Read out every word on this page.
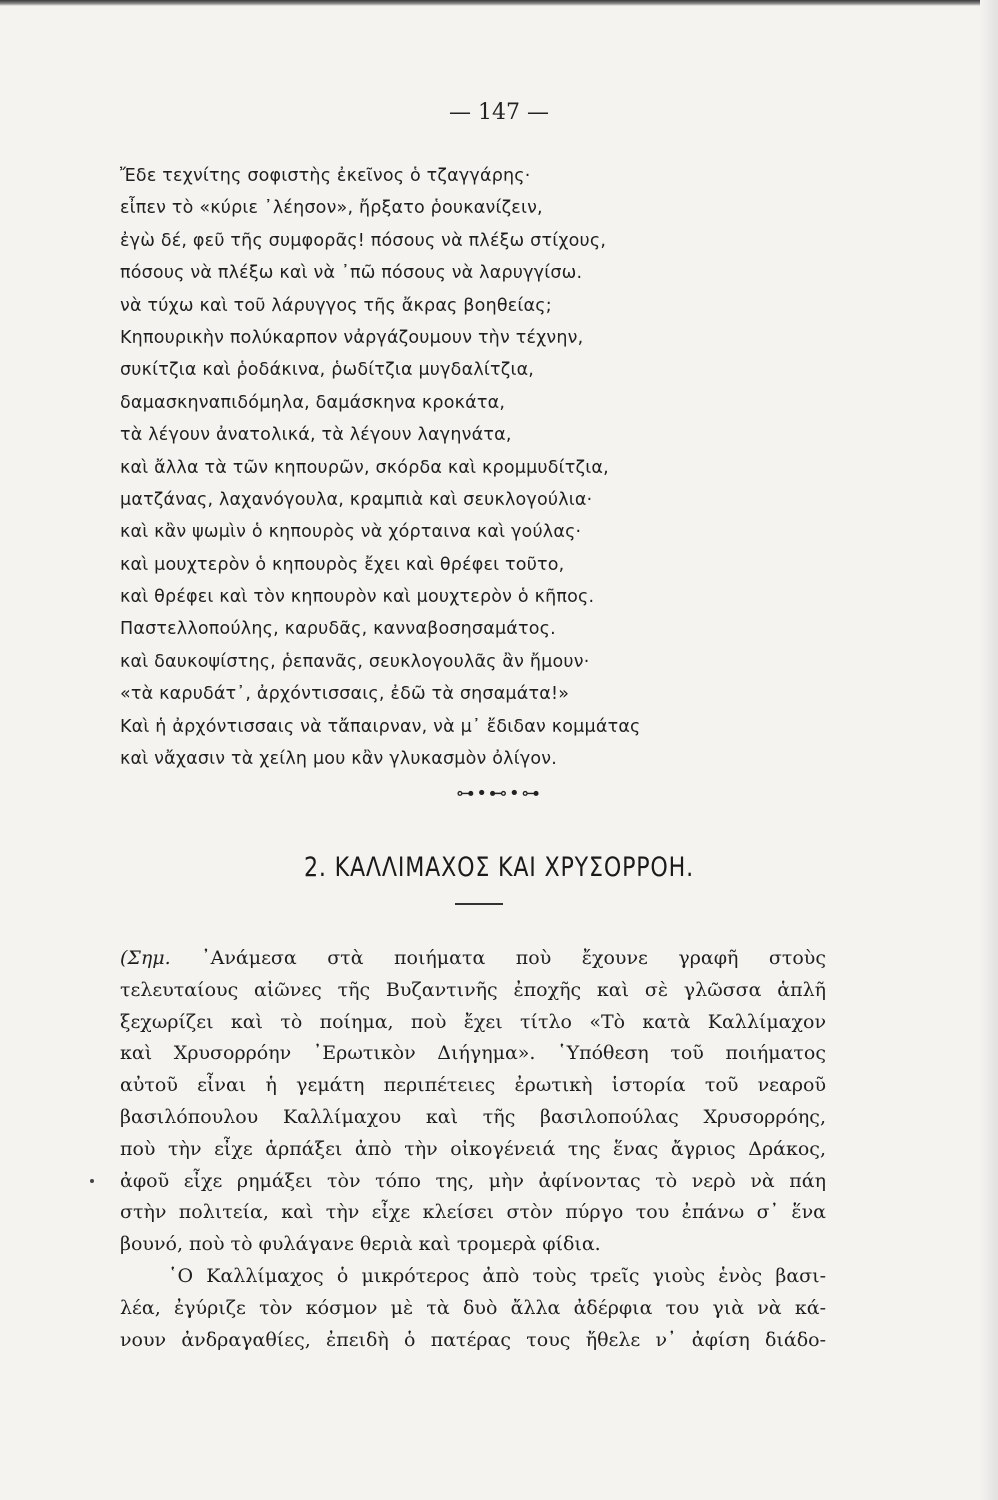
— 147 —
Ἔδε τεχνίτης σοφιστὴς ἐκεῖνος ὁ τζαγγάρης·
εἶπεν τὸ «κύριε ᾽λέησον», ἤρξατο ῥουκανίζειν,
ἐγὼ δέ, φεῦ τῆς συμφορᾶς! πόσους νὰ πλέξω στίχους,
πόσους νὰ πλέξω καὶ νὰ ᾽πῶ πόσους νὰ λαρυγγίσω.
νὰ τύχω καὶ τοῦ λάρυγγος τῆς ἄκρας βοηθείας;
Κηπουρικὴν πολύκαρπον νἀργάζουμουν τὴν τέχνην,
συκίτζια καὶ ῥοδάκινα, ῥωδίτζια μυγδαλίτζια,
δαμασκηναπιδόμηλα, δαμάσκηνα κροκάτα,
τὰ λέγουν ἀνατολικά, τὰ λέγουν λαγηνάτα,
καὶ ἄλλα τὰ τῶν κηπουρῶν, σκόρδα καὶ κρομμυδίτζια,
ματζάνας, λαχανόγουλα, κραμπιὰ καὶ σευκλογούλια·
καὶ κἂν ψωμὶν ὁ κηπουρὸς νὰ χόρταινα καὶ γούλας·
καὶ μουχτερὸν ὁ κηπουρὸς ἔχει καὶ θρέφει τοῦτο,
καὶ θρέφει καὶ τὸν κηπουρὸν καὶ μουχτερὸν ὁ κῆπος.
Παστελλοπούλης, καρυδᾶς, κανναβοσησαμάτος.
καὶ δαυκοψίστης, ῥεπανᾶς, σευκλογουλᾶς ἂν ἤμουν·
«τὰ καρυδάτ᾽, ἀρχόντισσαις, ἐδῶ τὰ σησαμάτα!»
Καὶ ἡ ἀρχόντισσαις νὰ τἄπαιρναν, νὰ μ᾽ ἔδιδαν κομμάτας
καὶ νἄχασιν τὰ χείλη μου κἂν γλυκασμὸν ὀλίγον.
⊶•⊷•⊶
2. ΚΑΛΛΙΜΑΧΟΣ ΚΑΙ ΧΡΥΣΟΡΡΟΗ.
(Σημ. ᾽Ανάμεσα στὰ ποιήματα ποὺ ἔχουνε γραφῆ στοὺς
τελευταίους αἰῶνες τῆς Βυζαντινῆς ἐποχῆς καὶ σὲ γλῶσσα ἁπλῆ
ξεχωρίζει καὶ τὸ ποίημα, ποὺ ἔχει τίτλο «Τὸ κατὰ Καλλίμαχον
καὶ Χρυσορρόην ᾽Ερωτικὸν Διήγημα». ῾Υπόθεση τοῦ ποιήματος
αὐτοῦ εἶναι ἡ γεμάτη περιπέτειες ἐρωτικὴ ἱστορία τοῦ νεαροῦ
βασιλόπουλου Καλλίμαχου καὶ τῆς βασιλοπούλας Χρυσορρόης,
ποὺ τὴν εἶχε ἁρπάξει ἀπὸ τὴν οἰκογένειά της ἕνας ἄγριος Δράκος,
ἀφοῦ εἶχε ρημάξει τὸν τόπο της, μὴν ἀφίνοντας τὸ νερὸ νὰ πάη
στὴν πολιτεία, καὶ τὴν εἶχε κλείσει στὸν πύργο του ἐπάνω σ᾽ ἕνα
βουνό, ποὺ τὸ φυλάγανε θεριὰ καὶ τρομερὰ φίδια.
῾Ο Καλλίμαχος ὁ μικρότερος ἀπὸ τοὺς τρεῖς γιοὺς ἑνὸς βασι-
λέα, ἐγύριζε τὸν κόσμον μὲ τὰ δυὸ ἄλλα ἀδέρφια του γιὰ νὰ κά-
νουν ἀνδραγαθίες, ἐπειδὴ ὁ πατέρας τους ἤθελε ν᾽ ἀφίση διάδο-
